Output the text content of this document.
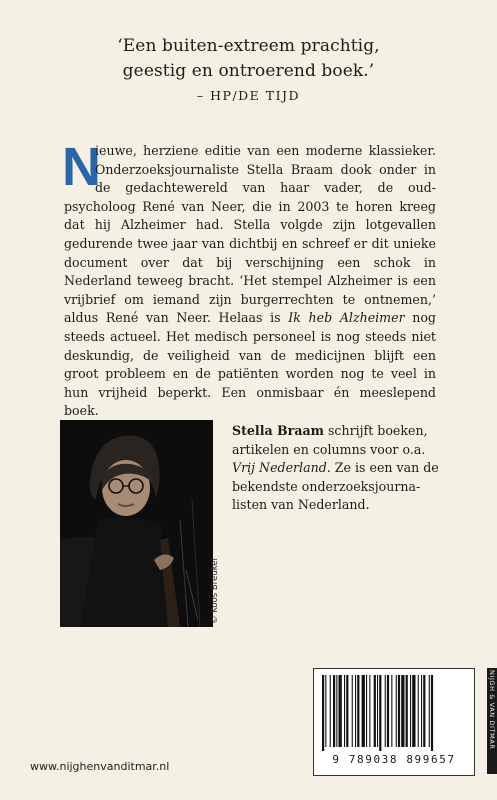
‘Een buiten-extreem prachtig,
geestig en ontroerend boek.’
– HP/DE TIJD
N

ieuwe, herziene editie van een moderne klassieker. Onderzoeksjournaliste Stella Braam dook onder in de gedachtewereld van haar vader, de oud-psycholoog René van Neer, die in 2003 te horen kreeg dat hij Alzheimer had. Stella volgde zijn lotgevallen gedurende twee jaar van dichtbij en schreef er dit unieke document over dat bij verschijning een schok in Nederland teweeg bracht. ‘Het stempel Alzheimer is een vrijbrief om iemand zijn burgerrechten te ontnemen,’ aldus René van Neer. Helaas is Ik heb Alzheimer nog steeds actueel. Het medisch personeel is nog steeds niet deskundig, de veiligheid van de medicijnen blijft een groot probleem en de patiënten worden nog te veel in hun vrijheid beperkt. Een onmisbaar én meeslepend boek.

© Koos Breukel
Stella Braam schrijft boeken, artikelen en columns voor o.a. Vrij Nederland. Ze is een van de bekendste onderzoeksjourna-listen van Nederland.
9 789038 899657
www.nijghenvanditmar.nl
NIJGH & VAN DITMAR
